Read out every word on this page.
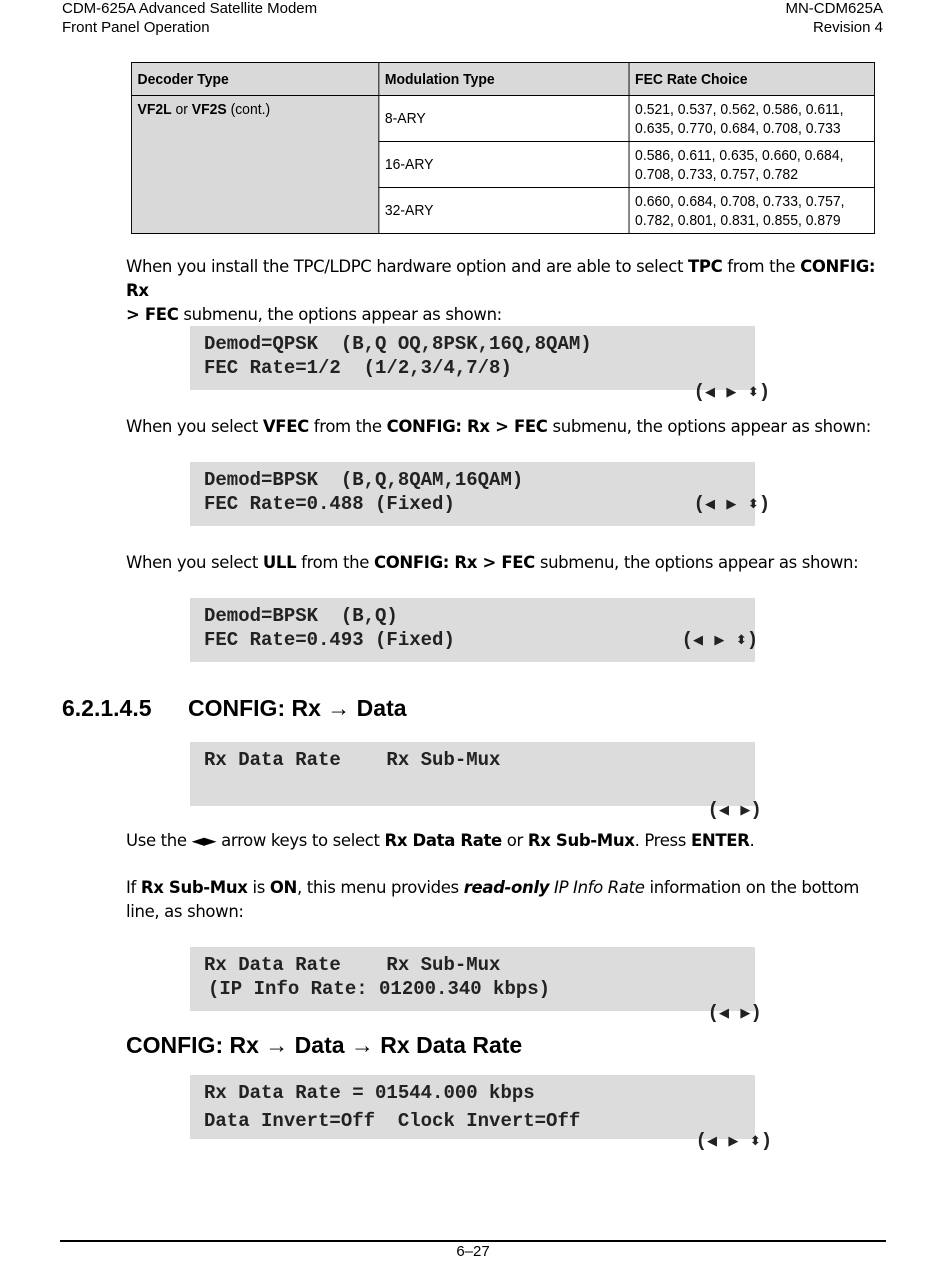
CDM-625A Advanced Satellite Modem
Front Panel Operation
MN-CDM625A
Revision 4
Decoder Type	Modulation Type	FEC Rate Choice
VF2L or VF2S (cont.)	8-ARY	0.521, 0.537, 0.562, 0.586, 0.611,
0.635, 0.770, 0.684, 0.708, 0.733

	16-ARY	0.586, 0.611, 0.635, 0.660, 0.684,
0.708, 0.733, 0.757, 0.782

	32-ARY	0.660, 0.684, 0.708, 0.733, 0.757,
0.782, 0.801, 0.831, 0.855, 0.879
When you install the TPC/LDPC hardware option and are able to select TPC from the CONFIG: Rx
> FEC submenu, the options appear as shown:
Demod=QPSK  (B,Q OQ,8PSK,16Q,8QAM)
FEC Rate=1/2  (1/2,3/4,7/8)

(◀ ▶ ⬍)

When you select VFEC from the CONFIG: Rx > FEC submenu, the options appear as shown:
Demod=BPSK  (B,Q,8QAM,16QAM)
FEC Rate=0.488 (Fixed)	(◀ ▶ ⬍)

When you select ULL from the CONFIG: Rx > FEC submenu, the options appear as shown:
Demod=BPSK  (B,Q)
FEC Rate=0.493 (Fixed)	(◀ ▶ ⬍)

6.2.1.4.5 CONFIG: Rx → Data
Rx Data Rate    Rx Sub-Mux

(◀ ▶)

Use the ◄► arrow keys to select Rx Data Rate or Rx Sub-Mux. Press ENTER.
If Rx Sub-Mux is ON, this menu provides read-only IP Info Rate information on the bottom line, as shown:
Rx Data Rate    Rx Sub-Mux
(IP Info Rate: 01200.340 kbps)

(◀ ▶)

CONFIG: Rx → Data → Rx Data Rate
Rx Data Rate = 01544.000 kbps
Data Invert=Off  Clock Invert=Off

(◀ ▶ ⬍)

6–27
